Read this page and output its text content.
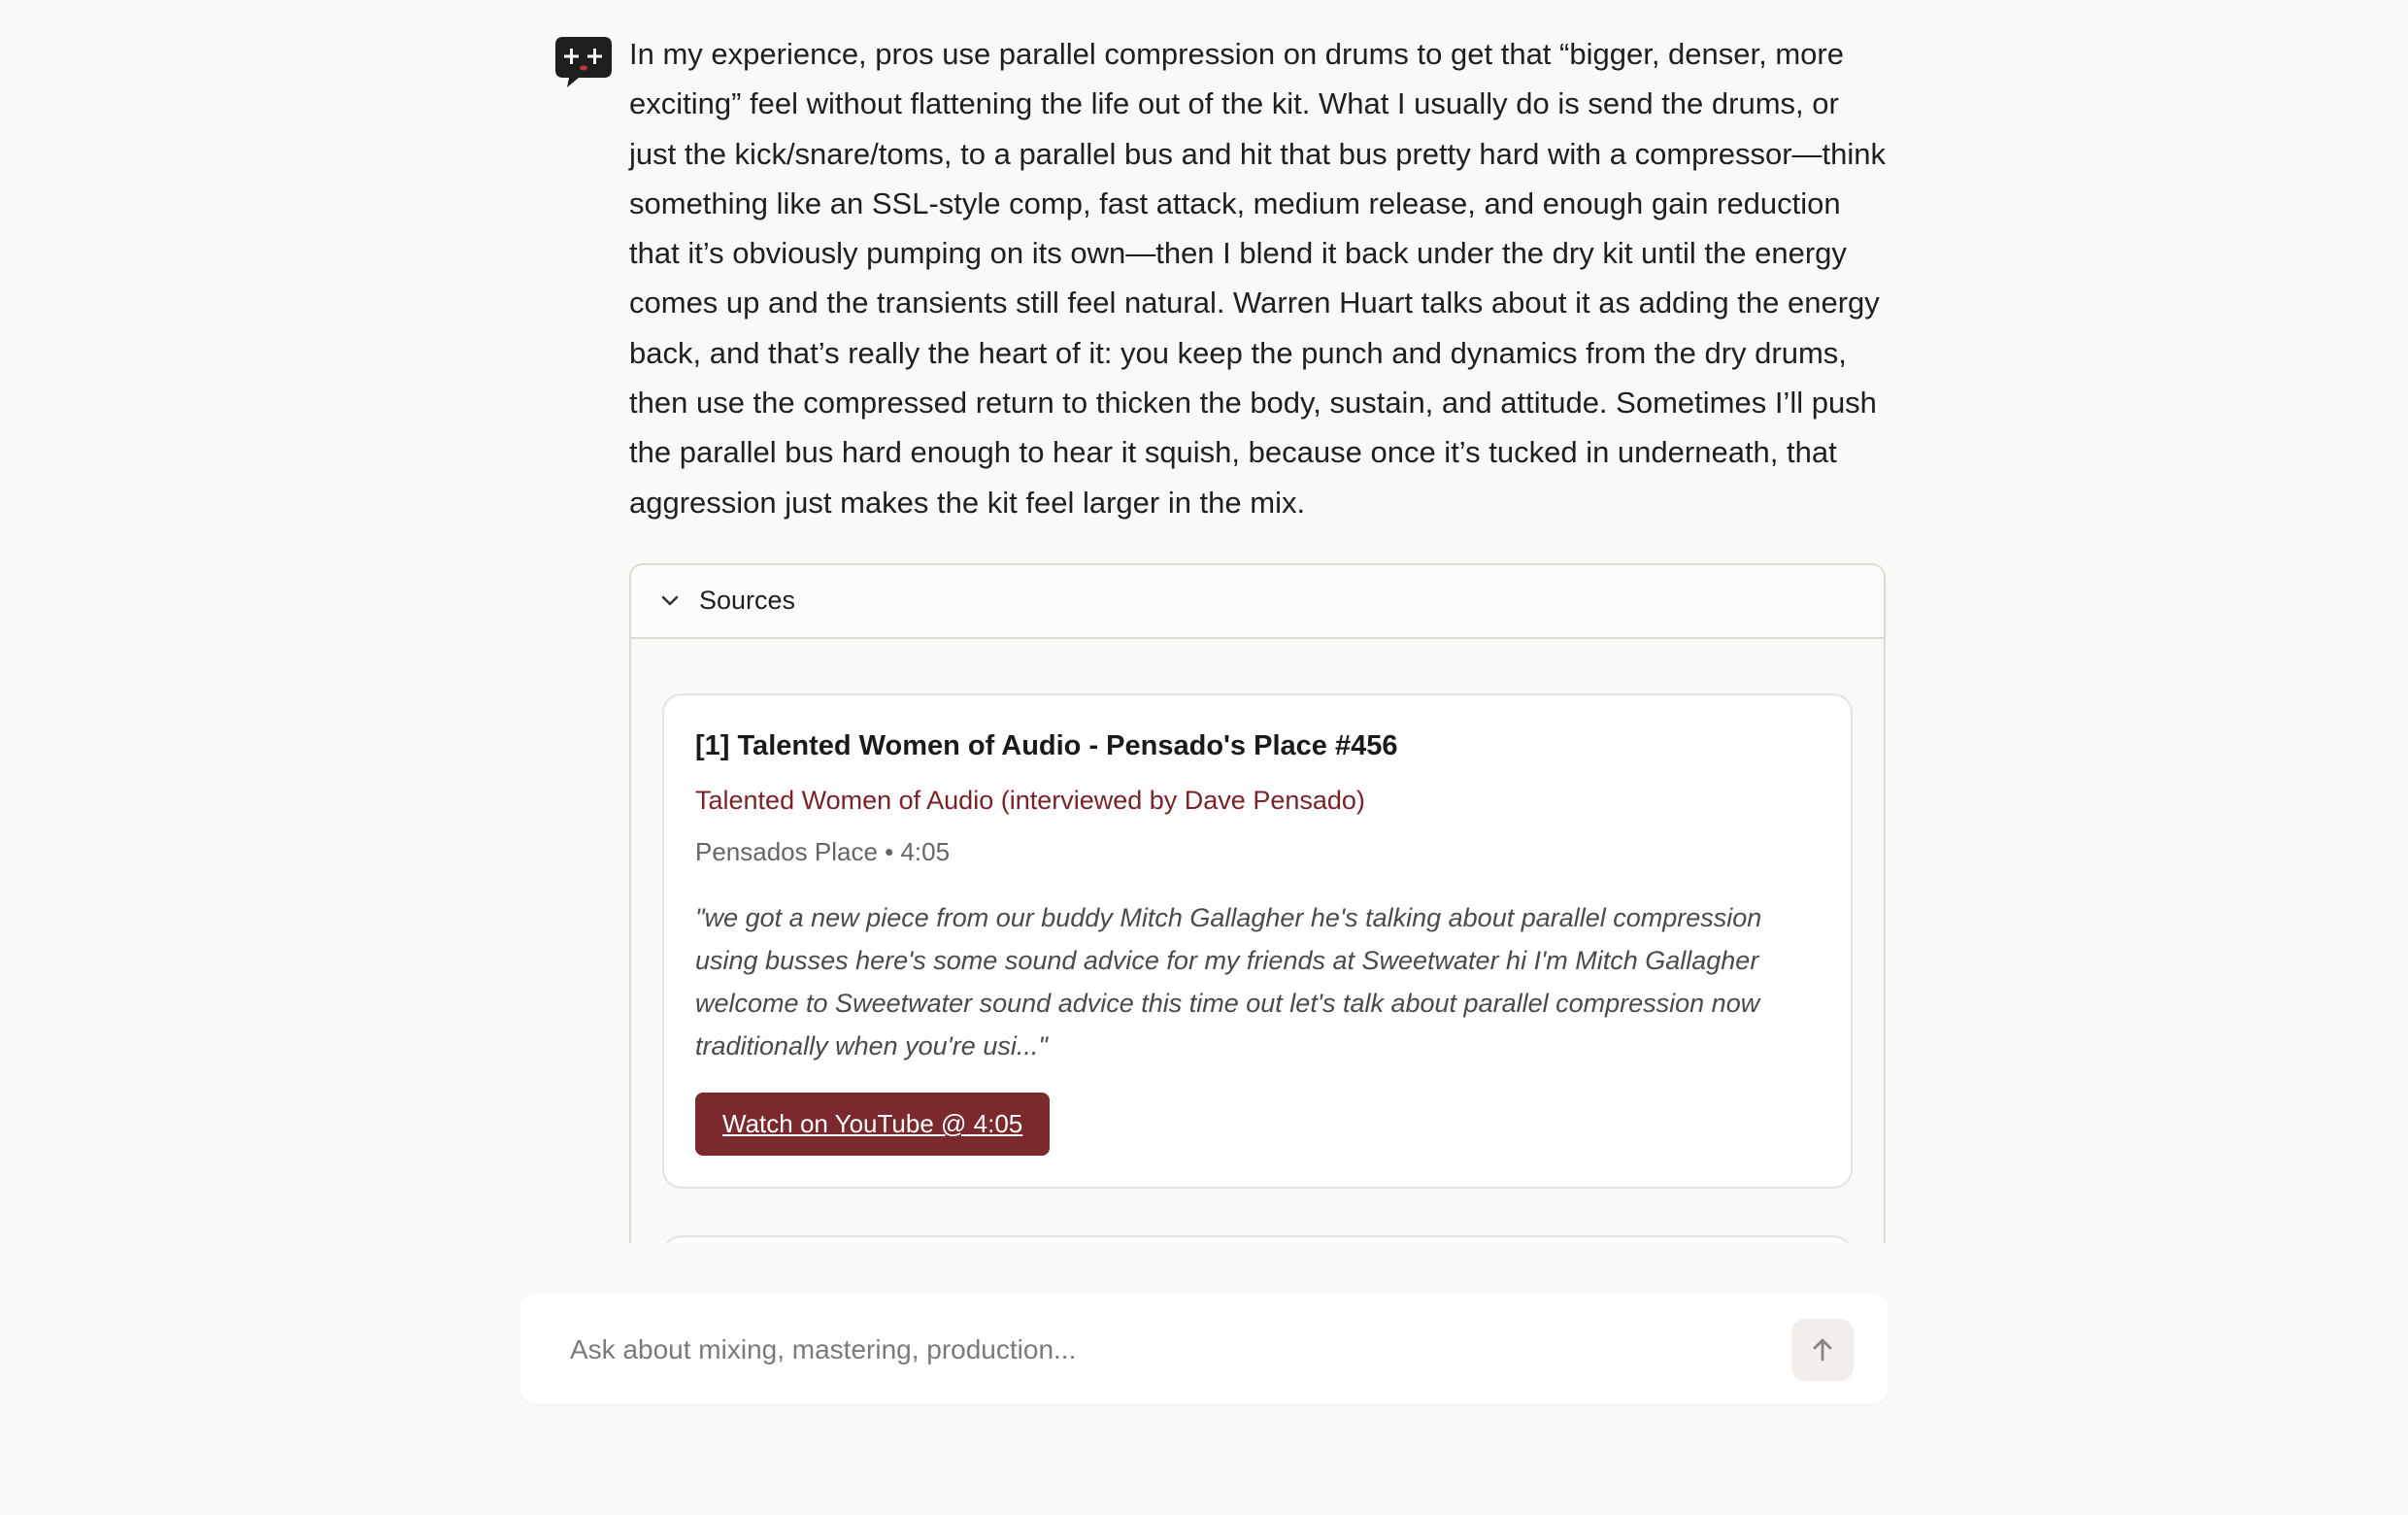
In my experience, pros use parallel compression on drums to get that “bigger, denser, more exciting” feel without flattening the life out of the kit. What I usually do is send the drums, or just the kick/snare/toms, to a parallel bus and hit that bus pretty hard with a compressor—think something like an SSL-style comp, fast attack, medium release, and enough gain reduction that it’s obviously pumping on its own—then I blend it back under the dry kit until the energy comes up and the transients still feel natural. Warren Huart talks about it as adding the energy back, and that’s really the heart of it: you keep the punch and dynamics from the dry drums, then use the compressed return to thicken the body, sustain, and attitude. Sometimes I’ll push the parallel bus hard enough to hear it squish, because once it’s tucked in underneath, that aggression just makes the kit feel larger in the mix.

Sources

[1] Talented Women of Audio - Pensado's Place #456

Talented Women of Audio (interviewed by Dave Pensado)

Pensados Place • 4:05

"we got a new piece from our buddy Mitch Gallagher he's talking about parallel compression using busses here's some sound advice for my friends at Sweetwater hi I'm Mitch Gallagher welcome to Sweetwater sound advice this time out let's talk about parallel compression now traditionally when you're usi..."

Watch on YouTube @ 4:05
Ask about mixing, mastering, production...
